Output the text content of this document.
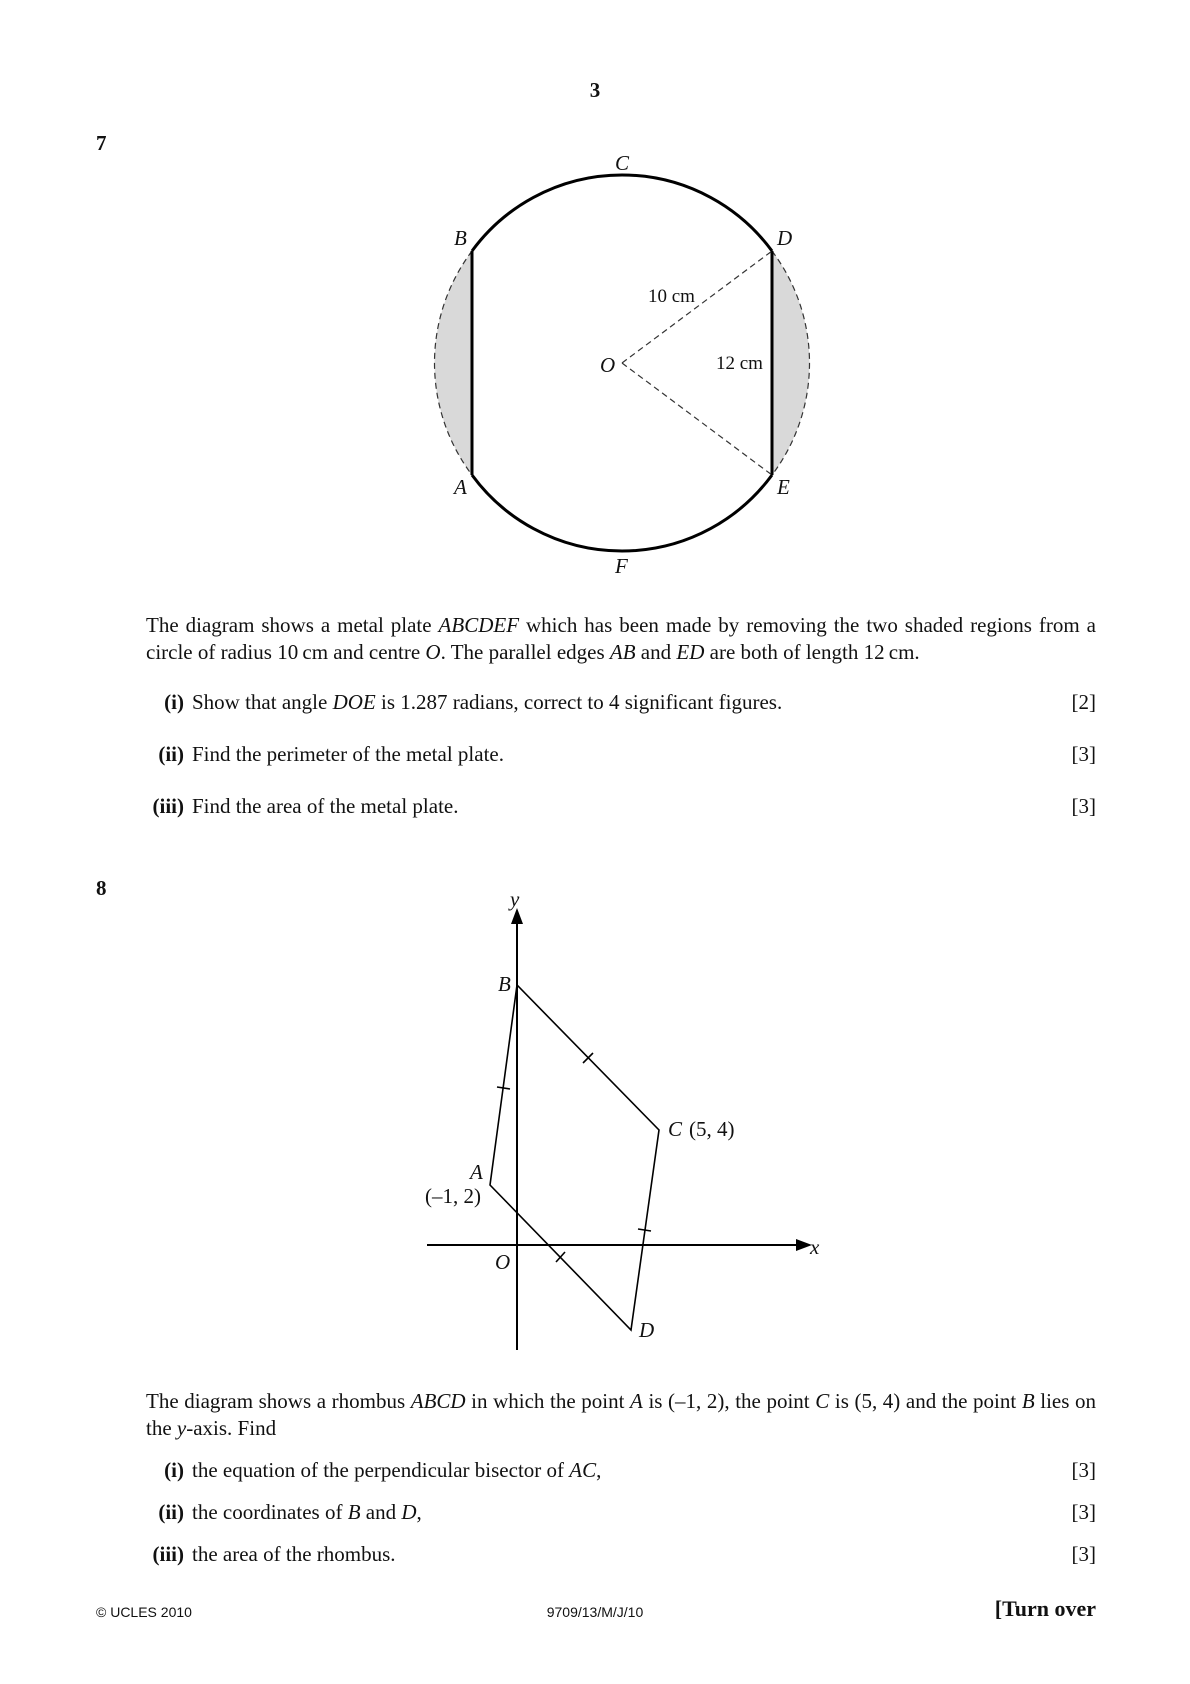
3
7
C
B	D
O
A	E
F
10 cm
12 cm
The diagram shows a metal plate ABCDEF which has been made by removing the two shaded regions from a circle of radius 10 cm and centre O. The parallel edges AB and ED are both of length 12 cm.
(i) Show that angle DOE is 1.287 radians, correct to 4 significant figures.	[2]
(ii) Find the perimeter of the metal plate.	[3]
(iii) Find the area of the metal plate.	[3]
8	y
x
O
B
A
(–1, 2)
C (5, 4)
D
The diagram shows a rhombus ABCD in which the point A is (–1, 2), the point C is (5, 4) and the point B lies on the y-axis. Find
(i) the equation of the perpendicular bisector of AC,	[3]
(ii) the coordinates of B and D,	[3]
(iii) the area of the rhombus.	[3]
© UCLES 2010	9709/13/M/J/10	[Turn over
